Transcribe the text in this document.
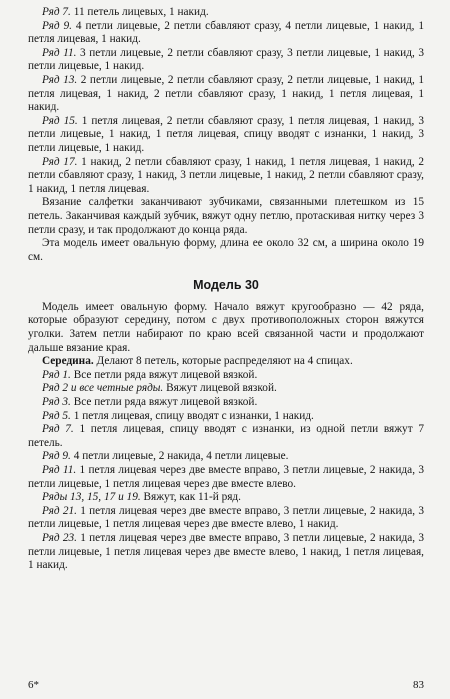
Ряд 7. 11 петель лицевых, 1 накид.

Ряд 9. 4 петли лицевые, 2 петли сбавляют сразу, 4 петли лицевые, 1 накид, 1 петля лицевая, 1 накид.

Ряд 11. 3 петли лицевые, 2 петли сбавляют сразу, 3 петли лицевые, 1 накид, 3 петли лицевые, 1 накид.

Ряд 13. 2 петли лицевые, 2 петли сбавляют сразу, 2 петли лицевые, 1 накид, 1 петля лицевая, 1 накид, 2 петли сбавляют сразу, 1 накид, 1 петля лицевая, 1 накид.

Ряд 15. 1 петля лицевая, 2 петли сбавляют сразу, 1 петля лицевая, 1 накид, 3 петли лицевые, 1 накид, 1 петля лицевая, спицу вводят с изнанки, 1 накид, 3 петли лицевые, 1 накид.

Ряд 17. 1 накид, 2 петли сбавляют сразу, 1 накид, 1 петля лицевая, 1 накид, 2 петли сбавляют сразу, 1 накид, 3 петли лицевые, 1 накид, 2 петли сбавляют сразу, 1 накид, 1 петля лицевая.

Вязание салфетки заканчивают зубчиками, связанными плетешком из 15 петель. Заканчивая каждый зубчик, вяжут одну петлю, протаскивая нитку через 3 петли сразу, и так продолжают до конца ряда.

Эта модель имеет овальную форму, длина ее около 32 см, а ширина около 19 см.

Модель 30

Модель имеет овальную форму. Начало вяжут кругообразно — 42 ряда, которые образуют середину, потом с двух противоположных сторон вяжутся уголки. Затем петли набирают по краю всей связанной части и продолжают дальше вязание края.

Середина. Делают 8 петель, которые распределяют на 4 спицах.

Ряд 1. Все петли ряда вяжут лицевой вязкой.

Ряд 2 и все четные ряды. Вяжут лицевой вязкой.

Ряд 3. Все петли ряда вяжут лицевой вязкой.

Ряд 5. 1 петля лицевая, спицу вводят с изнанки, 1 накид.

Ряд 7. 1 петля лицевая, спицу вводят с изнанки, из одной петли вяжут 7 петель.

Ряд 9. 4 петли лицевые, 2 накида, 4 петли лицевые.

Ряд 11. 1 петля лицевая через две вместе вправо, 3 петли лицевые, 2 накида, 3 петли лицевые, 1 петля лицевая через две вместе влево.

Ряды 13, 15, 17 и 19. Вяжут, как 11-й ряд.

Ряд 21. 1 петля лицевая через две вместе вправо, 3 петли лицевые, 2 накида, 3 петли лицевые, 1 петля лицевая через две вместе влево, 1 накид.

Ряд 23. 1 петля лицевая через две вместе вправо, 3 петли лицевые, 2 накида, 3 петли лицевые, 1 петля лицевая через две вместе влево, 1 накид, 1 петля лицевая, 1 накид.

6*	83
